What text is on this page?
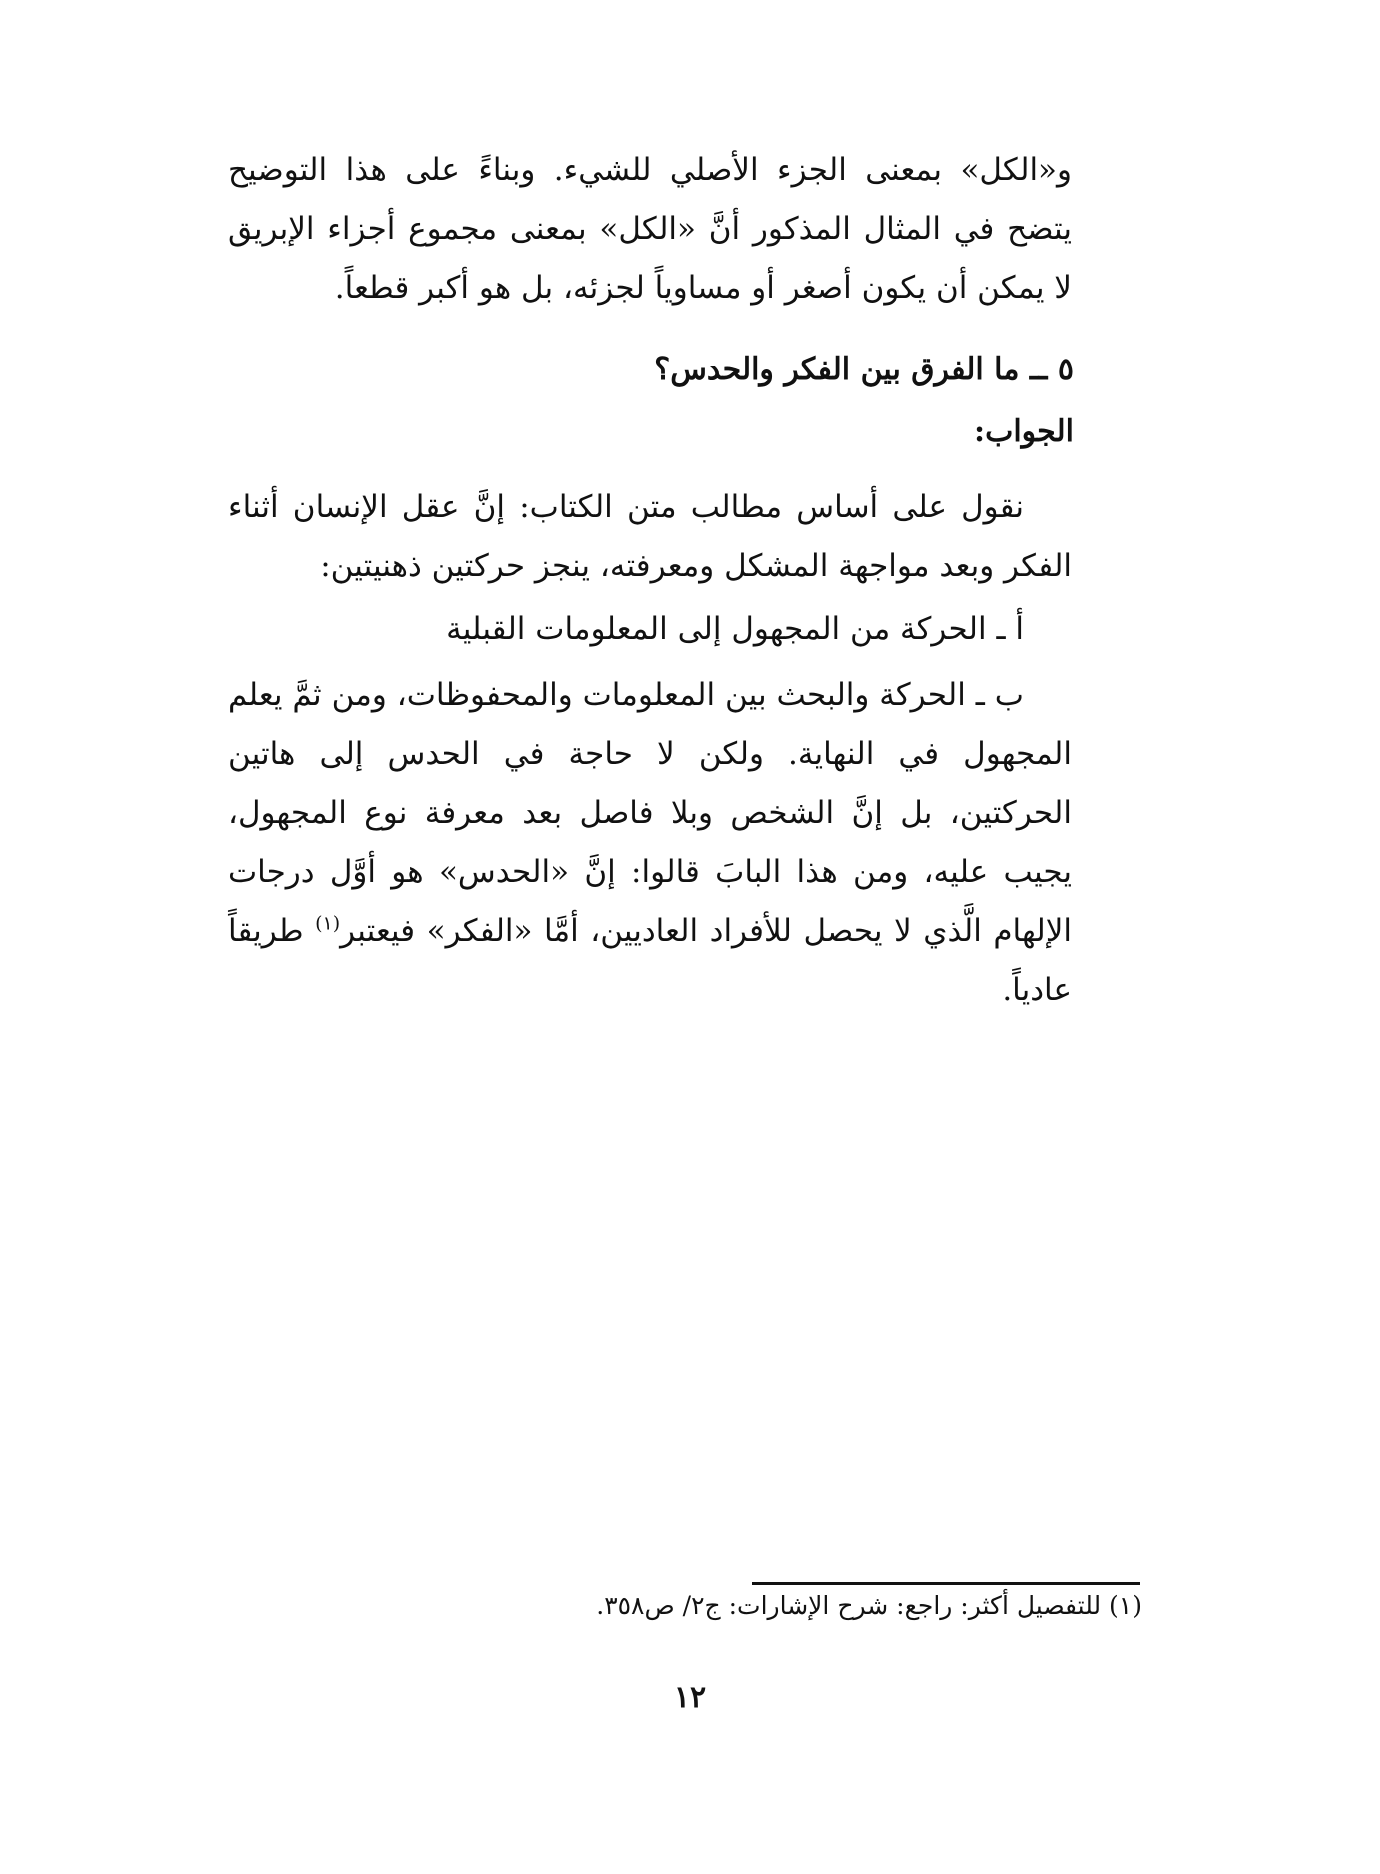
و«الكل» بمعنى الجزء الأصلي للشيء. وبناءً على هذا التوضيح يتضح في المثال المذكور أنَّ «الكل» بمعنى مجموع أجزاء الإبريق لا يمكن أن يكون أصغر أو مساوياً لجزئه، بل هو أكبر قطعاً.

٥ ــ ما الفرق بين الفكر والحدس؟

الجواب:

نقول على أساس مطالب متن الكتاب: إنَّ عقل الإنسان أثناء الفكر وبعد مواجهة المشكل ومعرفته، ينجز حركتين ذهنيتين:

أ ـ الحركة من المجهول إلى المعلومات القبلية

ب ـ الحركة والبحث بين المعلومات والمحفوظات، ومن ثمَّ يعلم المجهول في النهاية. ولكن لا حاجة في الحدس إلى هاتين الحركتين، بل إنَّ الشخص وبلا فاصل بعد معرفة نوع المجهول، يجيب عليه، ومن هذا البابَ قالوا: إنَّ «الحدس» هو أوَّل درجات الإلهام الَّذي لا يحصل للأفراد العاديين، أمَّا «الفكر» فيعتبر$^{(١)}$ طريقاً عادياً.

(١) للتفصيل أكثر: راجع: شرح الإشارات: ج٢/ ص٣٥٨.

١٢
